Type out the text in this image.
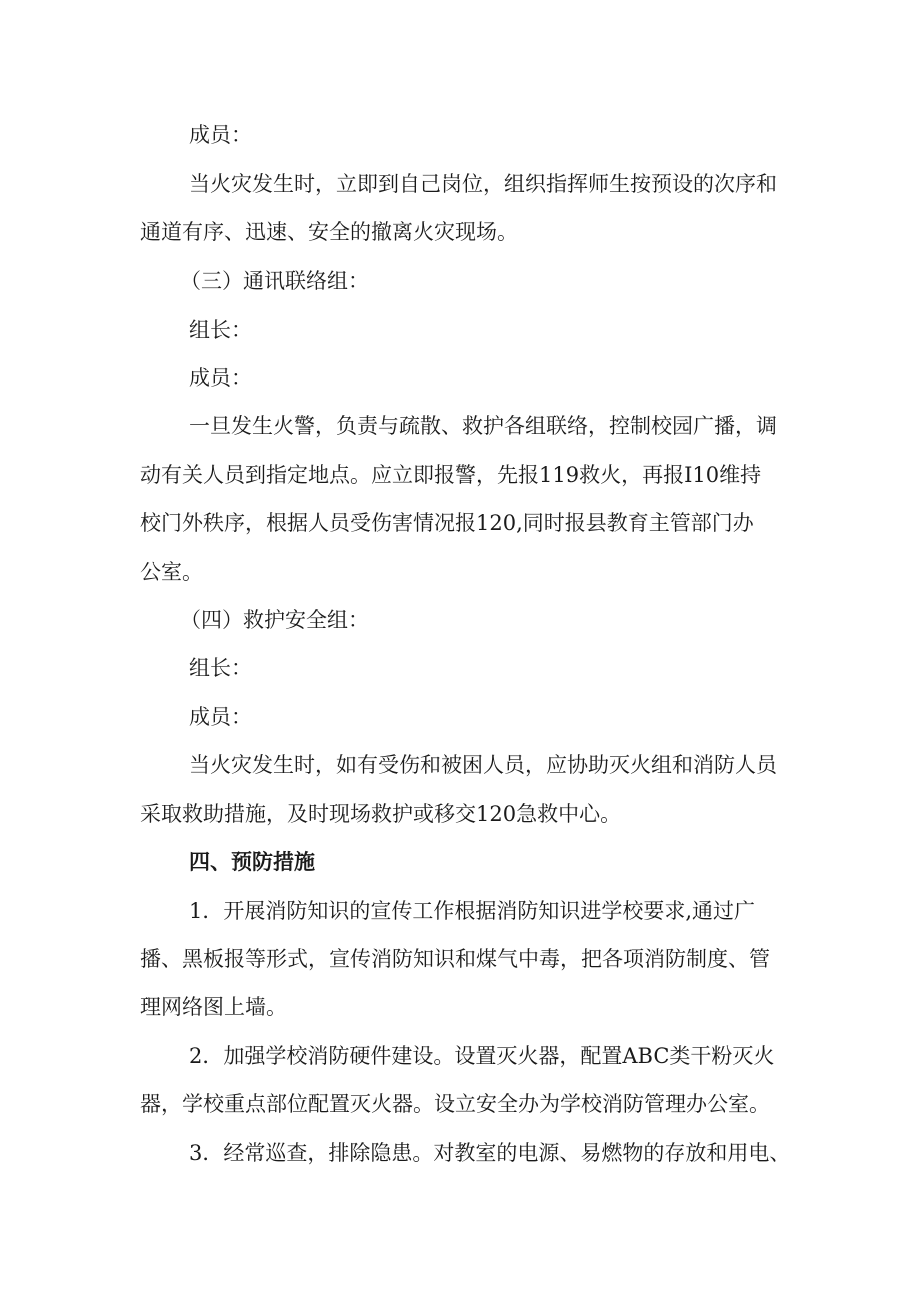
成员：
当火灾发生时，立即到自己岗位，组织指挥师生按预设的次序和
通道有序、迅速、安全的撤离火灾现场。
（三）通讯联络组：
组长：
成员：
一旦发生火警，负责与疏散、救护各组联络，控制校园广播，调
动有关人员到指定地点。应立即报警，先报119救火，再报I10维持
校门外秩序，根据人员受伤害情况报120,同时报县教育主管部门办
公室。
（四）救护安全组：
组长：
成员：
当火灾发生时，如有受伤和被困人员，应协助灭火组和消防人员
采取救助措施，及时现场救护或移交120急救中心。
四、预防措施
1．开展消防知识的宣传工作根据消防知识进学校要求,通过广
播、黑板报等形式，宣传消防知识和煤气中毒，把各项消防制度、管
理网络图上墙。
2．加强学校消防硬件建设。设置灭火器，配置ABC类干粉灭火
器，学校重点部位配置灭火器。设立安全办为学校消防管理办公室。
3．经常巡查，排除隐患。对教室的电源、易燃物的存放和用电、
